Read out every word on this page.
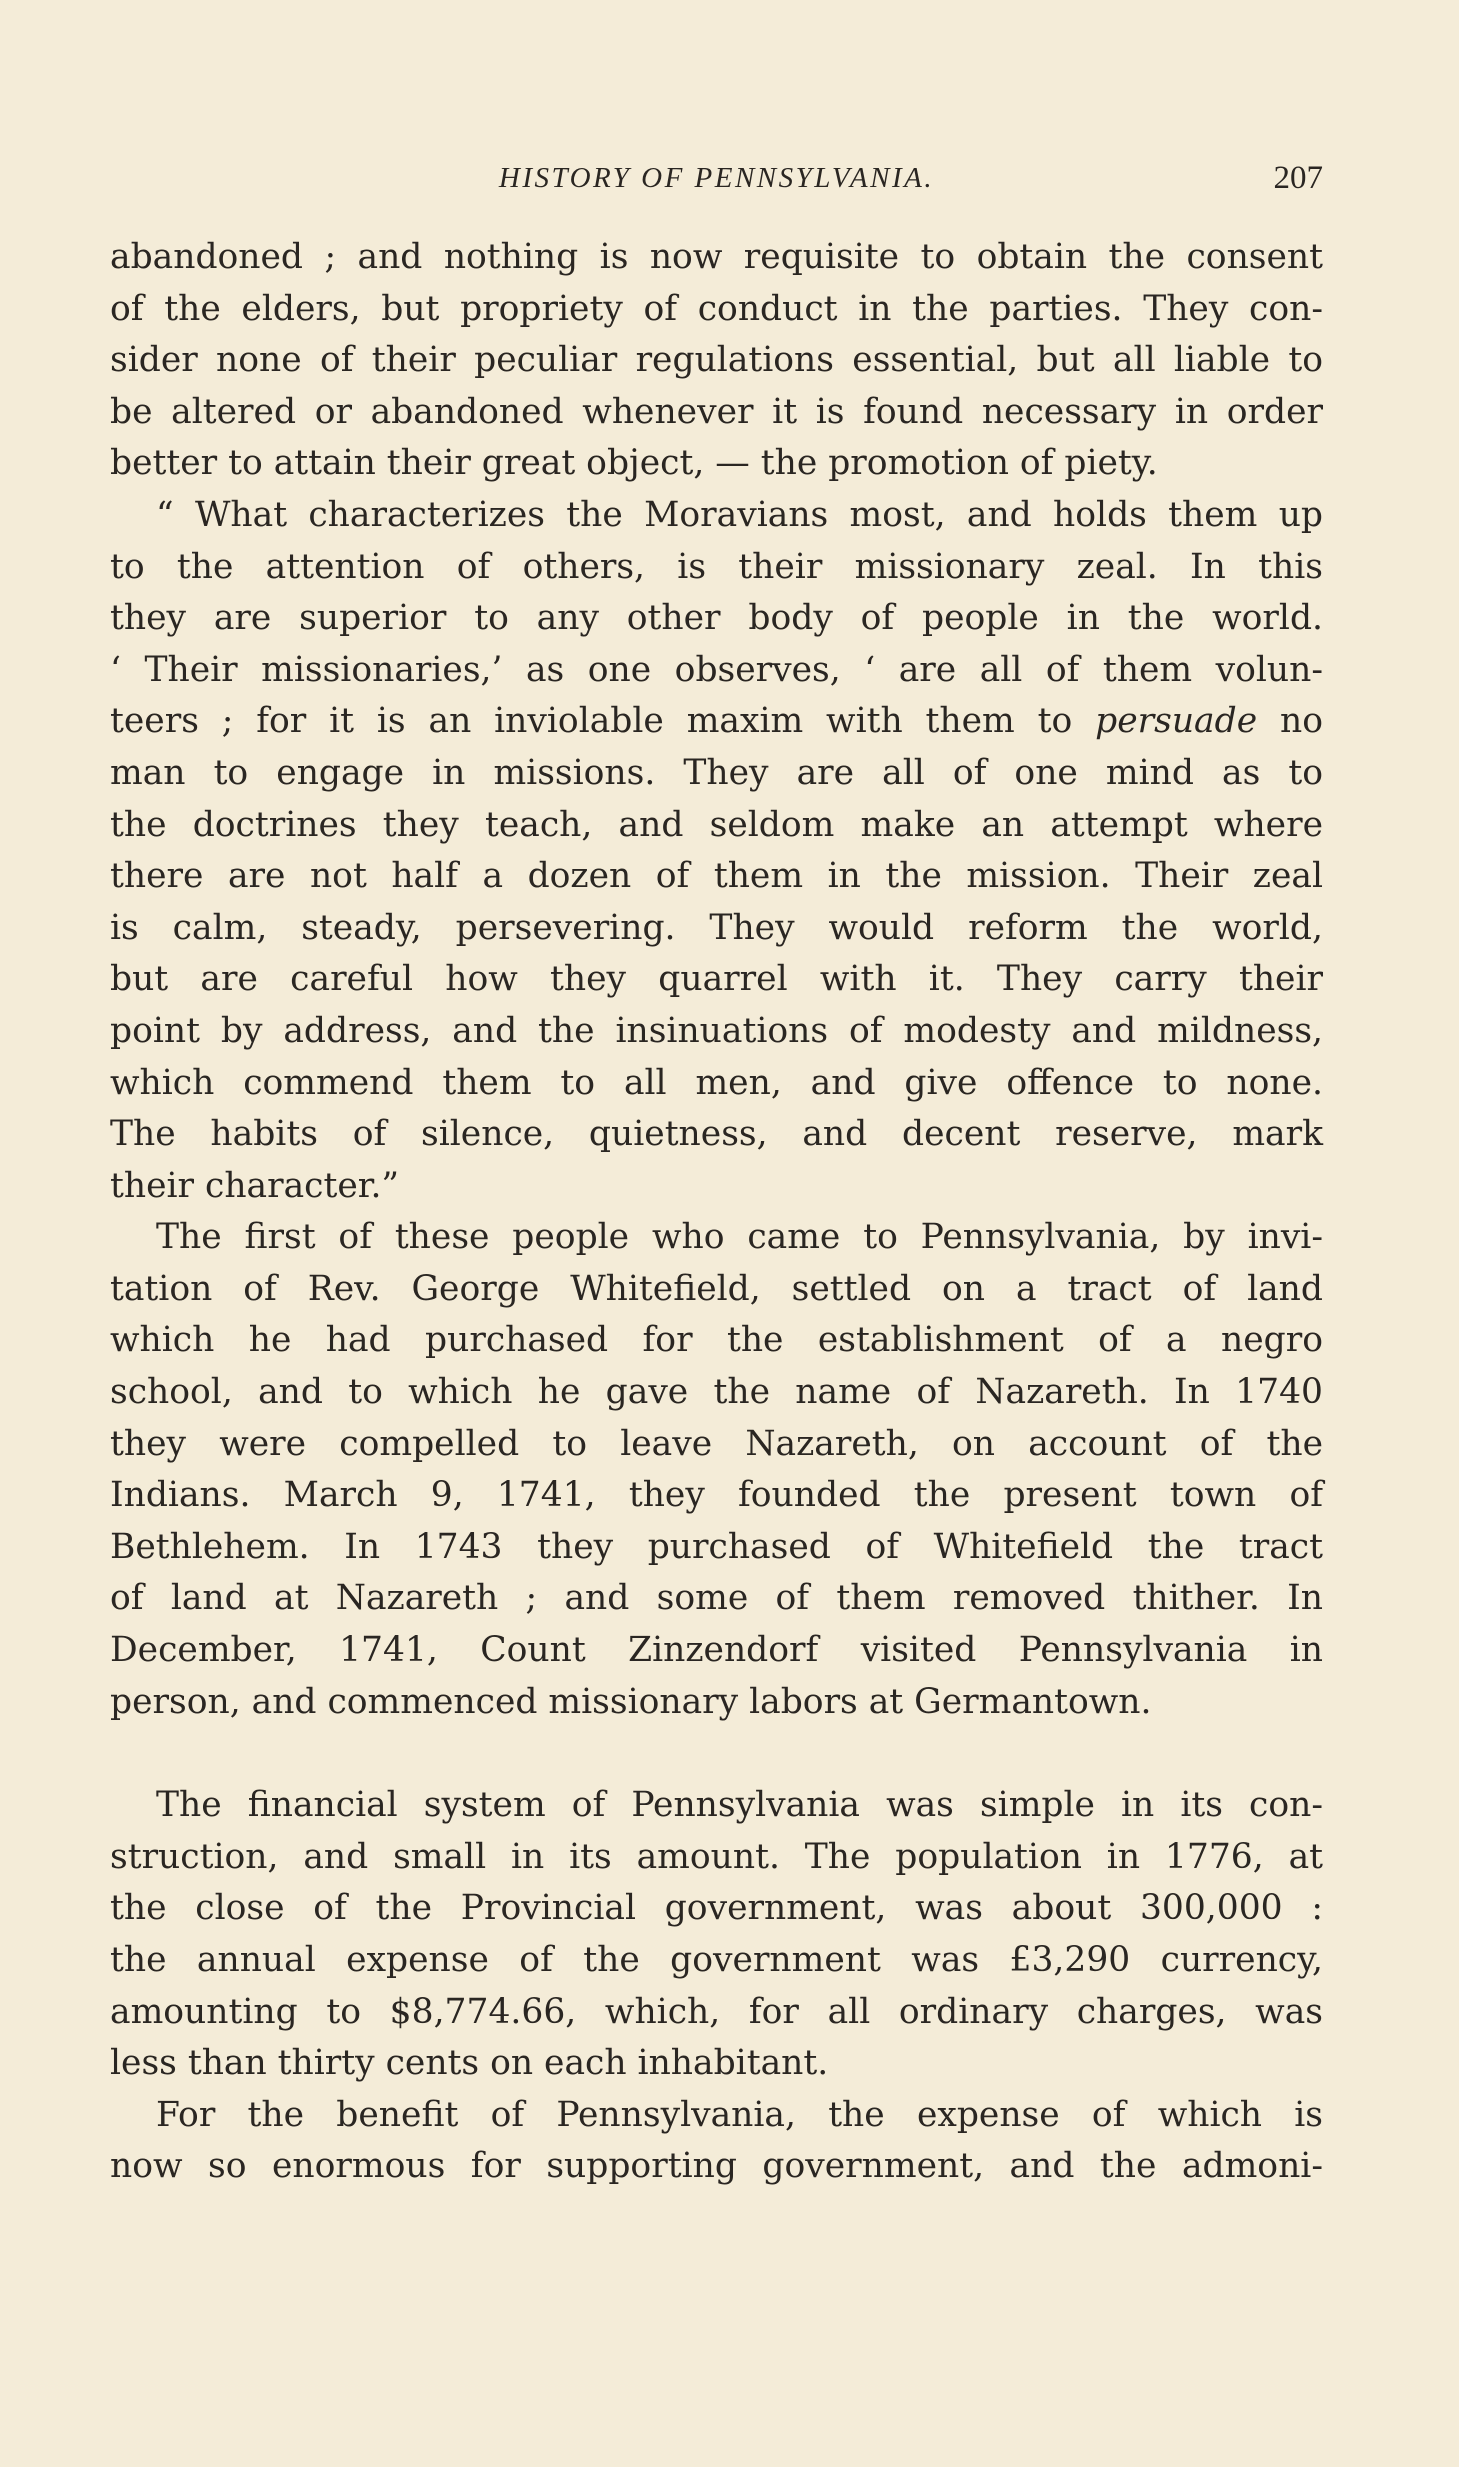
HISTORY OF PENNSYLVANIA.	207
abandoned ; and nothing is now requisite to obtain the consent
of the elders, but propriety of conduct in the parties. They con-
sider none of their peculiar regulations essential, but all liable to
be altered or abandoned whenever it is found necessary in order
better to attain their great object, — the promotion of piety.
“ What characterizes the Moravians most, and holds them up
to the attention of others, is their missionary zeal. In this
they are superior to any other body of people in the world.
‘ Their missionaries,’ as one observes, ‘ are all of them volun-
teers ; for it is an inviolable maxim with them to persuade no
man to engage in missions. They are all of one mind as to
the doctrines they teach, and seldom make an attempt where
there are not half a dozen of them in the mission. Their zeal
is calm, steady, persevering. They would reform the world,
but are careful how they quarrel with it. They carry their
point by address, and the insinuations of modesty and mildness,
which commend them to all men, and give offence to none.
The habits of silence, quietness, and decent reserve, mark
their character.”
The first of these people who came to Pennsylvania, by invi-
tation of Rev. George Whitefield, settled on a tract of land
which he had purchased for the establishment of a negro
school, and to which he gave the name of Nazareth. In 1740
they were compelled to leave Nazareth, on account of the
Indians. March 9, 1741, they founded the present town of
Bethlehem. In 1743 they purchased of Whitefield the tract
of land at Nazareth ; and some of them removed thither. In
December, 1741, Count Zinzendorf visited Pennsylvania in
person, and commenced missionary labors at Germantown.
The financial system of Pennsylvania was simple in its con-
struction, and small in its amount. The population in 1776, at
the close of the Provincial government, was about 300,000 :
the annual expense of the government was £3,290 currency,
amounting to $8,774.66, which, for all ordinary charges, was
less than thirty cents on each inhabitant.
For the benefit of Pennsylvania, the expense of which is
now so enormous for supporting government, and the admoni-
